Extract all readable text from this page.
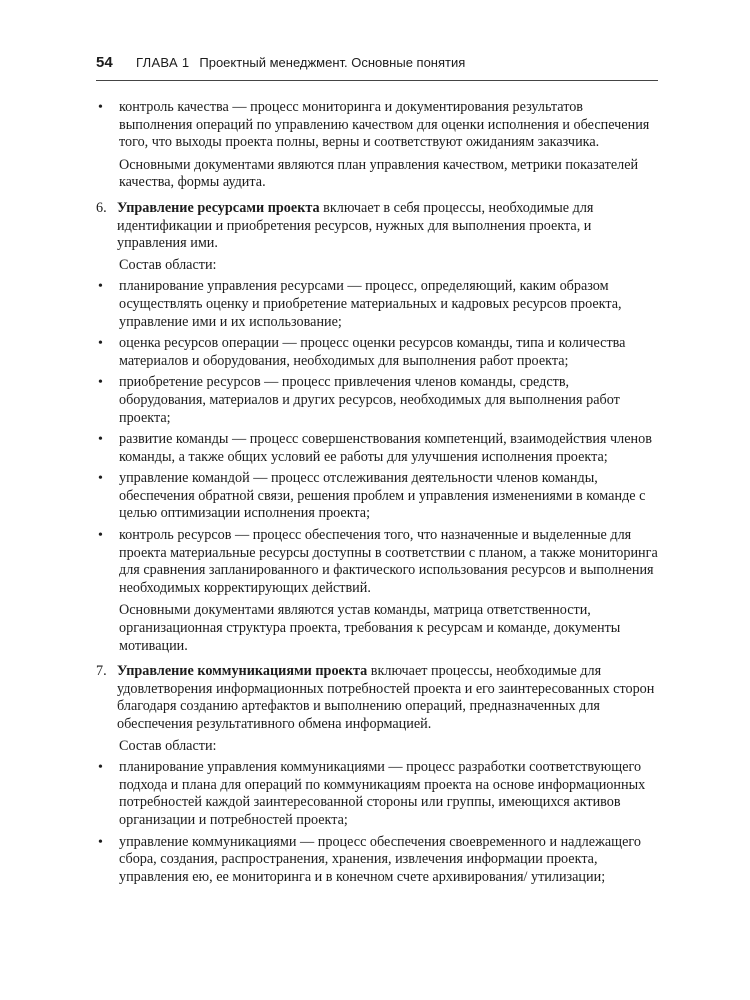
54	ГЛАВА 1 Проектный менеджмент. Основные понятия

• контроль качества — процесс мониторинга и документирования результатов выполнения операций по управлению качеством для оценки исполнения и обеспечения того, что выходы проекта полны, верны и соответствуют ожиданиям заказчика.

Основными документами являются план управления качеством, метрики показателей качества, формы аудита.

6. Управление ресурсами проекта включает в себя процессы, необходимые для идентификации и приобретения ресурсов, нужных для выполнения проекта, и управления ими.

Состав области:

• планирование управления ресурсами — процесс, определяющий, каким образом осуществлять оценку и приобретение материальных и кадровых ресурсов проекта, управление ими и их использование;

• оценка ресурсов операции — процесс оценки ресурсов команды, типа и количества материалов и оборудования, необходимых для выполнения работ проекта;

• приобретение ресурсов — процесс привлечения членов команды, средств, оборудования, материалов и других ресурсов, необходимых для выполнения работ проекта;

• развитие команды — процесс совершенствования компетенций, взаимодействия членов команды, а также общих условий ее работы для улучшения исполнения проекта;

• управление командой — процесс отслеживания деятельности членов команды, обеспечения обратной связи, решения проблем и управления изменениями в команде с целью оптимизации исполнения проекта;

• контроль ресурсов — процесс обеспечения того, что назначенные и выделенные для проекта материальные ресурсы доступны в соответствии с планом, а также мониторинга для сравнения запланированного и фактического использования ресурсов и выполнения необходимых корректирующих действий.

Основными документами являются устав команды, матрица ответственности, организационная структура проекта, требования к ресурсам и команде, документы мотивации.

7. Управление коммуникациями проекта включает процессы, необходимые для удовлетворения информационных потребностей проекта и его заинтересованных сторон благодаря созданию артефактов и выполнению операций, предназначенных для обеспечения результативного обмена информацией.

Состав области:

• планирование управления коммуникациями — процесс разработки соответствующего подхода и плана для операций по коммуникациям проекта на основе информационных потребностей каждой заинтересованной стороны или группы, имеющихся активов организации и потребностей проекта;

• управление коммуникациями — процесс обеспечения своевременного и надлежащего сбора, создания, распространения, хранения, извлечения информации проекта, управления ею, ее мониторинга и в конечном счете архивирования/ утилизации;
